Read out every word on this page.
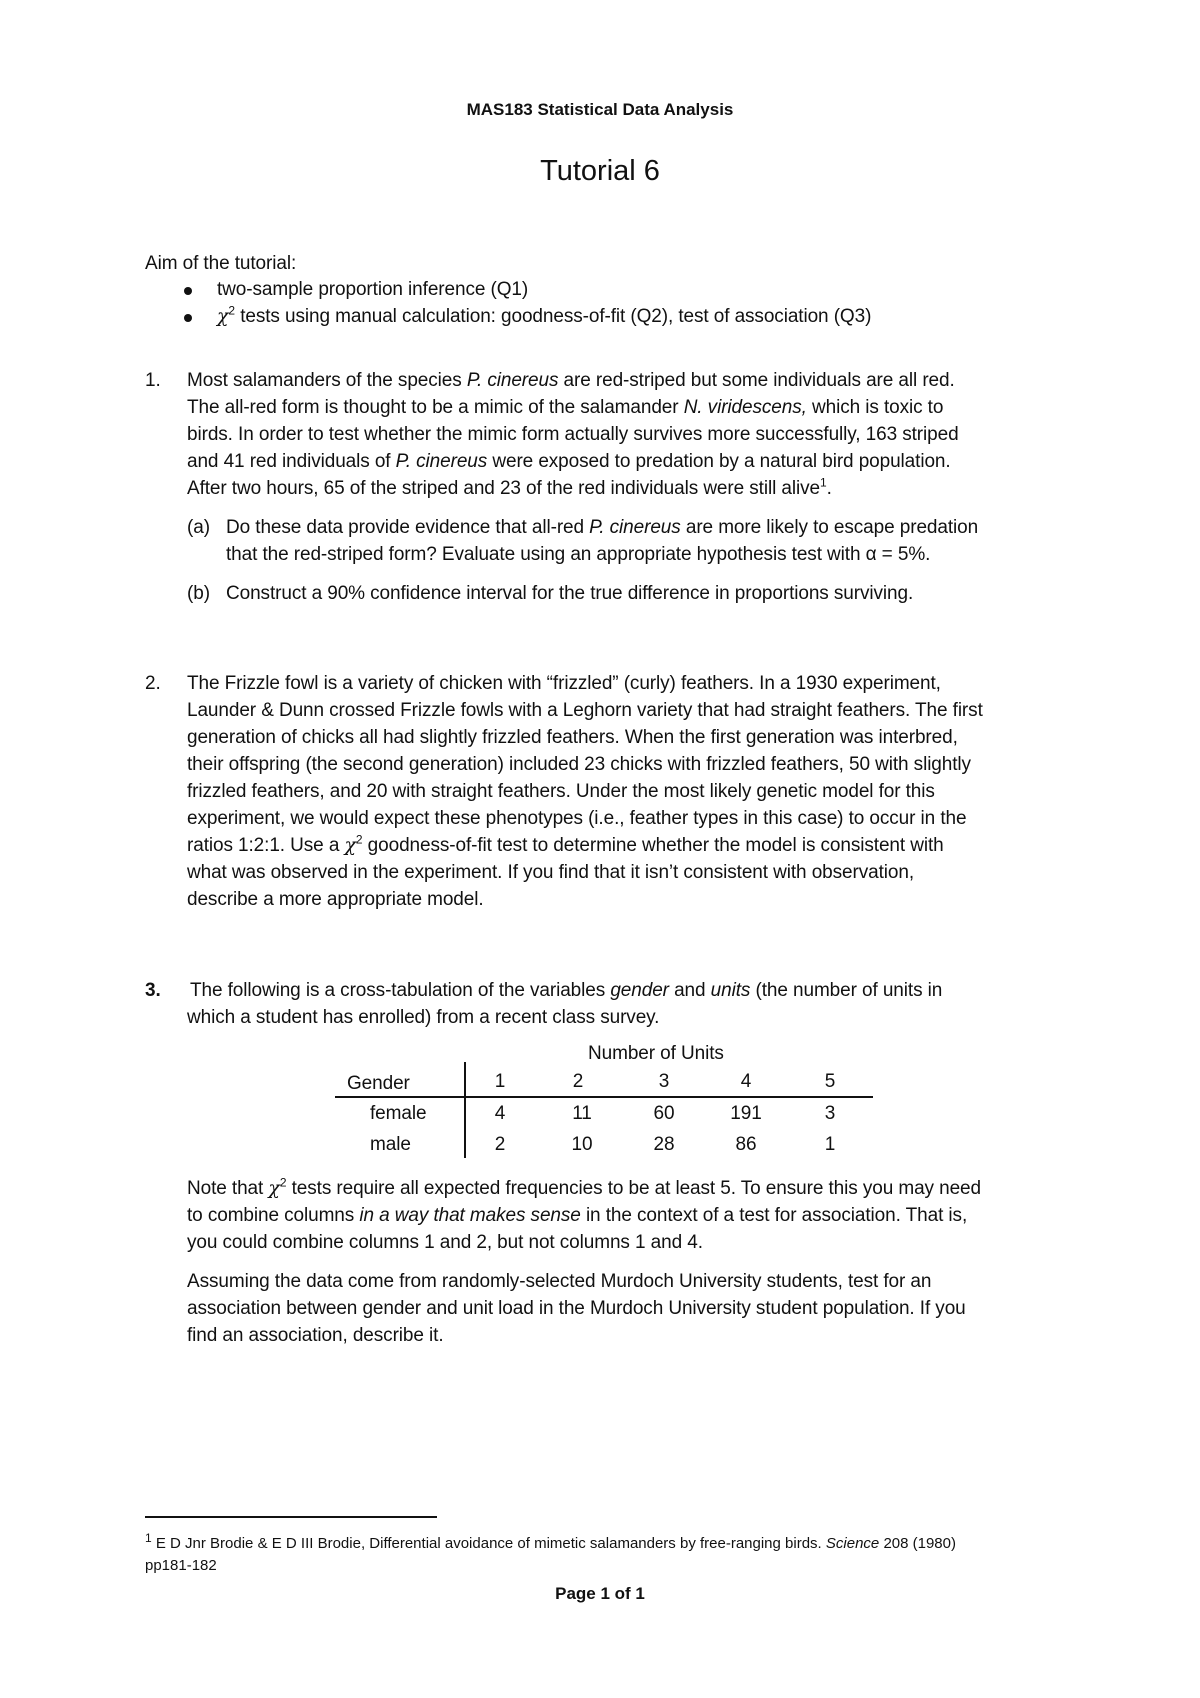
MAS183 Statistical Data Analysis
Tutorial 6
Aim of the tutorial:
two-sample proportion inference (Q1)
$\chi^2$ tests using manual calculation: goodness-of-fit (Q2), test of association (Q3)
1. Most salamanders of the species P. cinereus are red-striped but some individuals are all red.
The all-red form is thought to be a mimic of the salamander N. viridescens, which is toxic to
birds. In order to test whether the mimic form actually survives more successfully, 163 striped
and 41 red individuals of P. cinereus were exposed to predation by a natural bird population.
After two hours, 65 of the striped and 23 of the red individuals were still alive$^1$.
(a) Do these data provide evidence that all-red P. cinereus are more likely to escape predation
that the red-striped form? Evaluate using an appropriate hypothesis test with α = 5%.
(b) Construct a 90% confidence interval for the true difference in proportions surviving.
2. The Frizzle fowl is a variety of chicken with “frizzled” (curly) feathers. In a 1930 experiment,
Launder & Dunn crossed Frizzle fowls with a Leghorn variety that had straight feathers. The first
generation of chicks all had slightly frizzled feathers. When the first generation was interbred,
their offspring (the second generation) included 23 chicks with frizzled feathers, 50 with slightly
frizzled feathers, and 20 with straight feathers. Under the most likely genetic model for this
experiment, we would expect these phenotypes (i.e., feather types in this case) to occur in the
ratios 1:2:1. Use a $\chi^2$ goodness-of-fit test to determine whether the model is consistent with
what was observed in the experiment. If you find that it isn’t consistent with observation,
describe a more appropriate model.
3. The following is a cross-tabulation of the variables gender and units (the number of units in
which a student has enrolled) from a recent class survey.
Number of Units
Gender	1	2	3	4	5
female	4	11	60	191	3
male	2	10	28	86	1
Note that $\chi^2$ tests require all expected frequencies to be at least 5. To ensure this you may need
to combine columns in a way that makes sense in the context of a test for association. That is,
you could combine columns 1 and 2, but not columns 1 and 4.
Assuming the data come from randomly-selected Murdoch University students, test for an
association between gender and unit load in the Murdoch University student population. If you
find an association, describe it.
$^1$ E D Jnr Brodie & E D III Brodie, Differential avoidance of mimetic salamanders by free-ranging birds. Science 208 (1980)
pp181-182
Page 1 of 1
